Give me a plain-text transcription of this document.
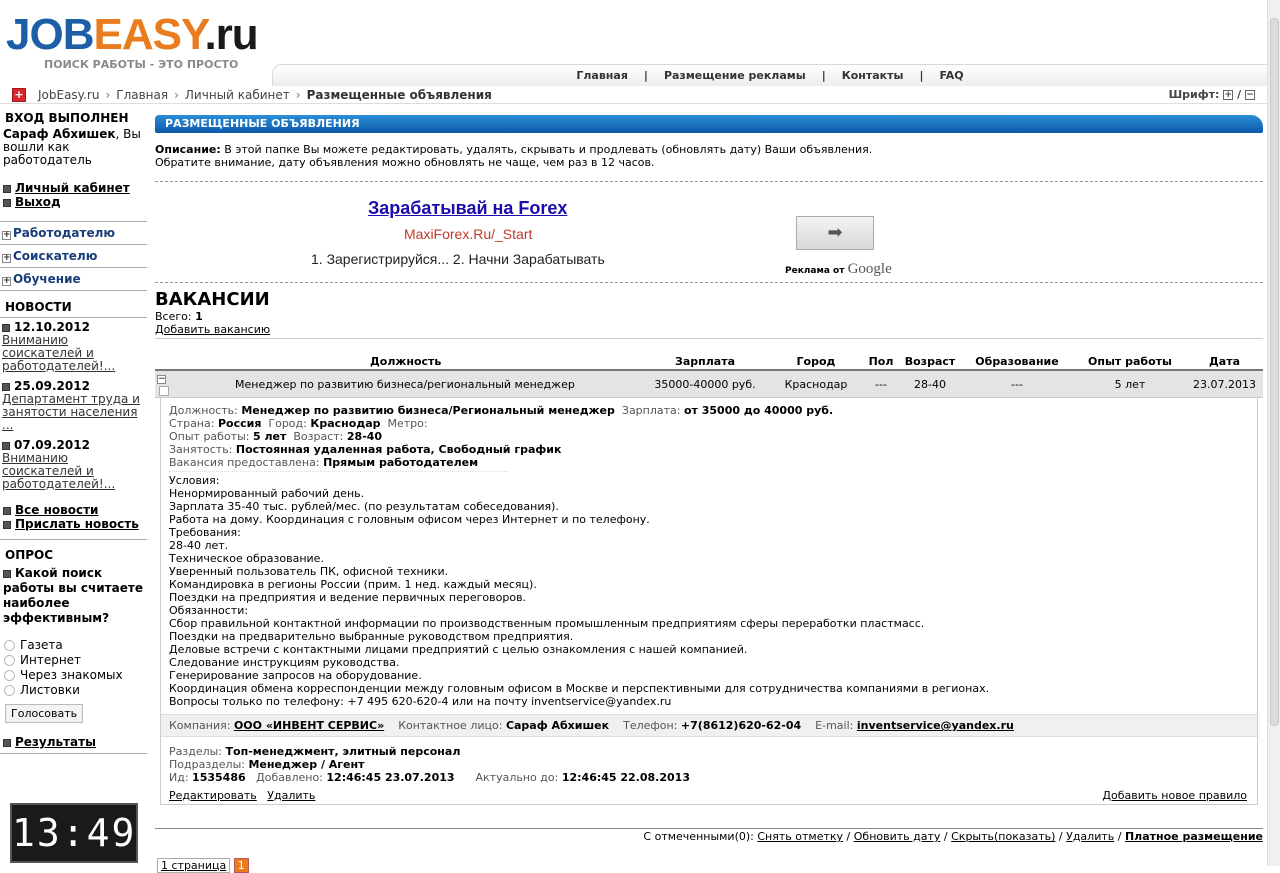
JOBEASY.ru
ПОИСК РАБОТЫ - ЭТО ПРОСТО
Главная | Размещение рекламы | Контакты | FAQ
+ JobEasy.ru › Главная › Личный кабинет › Размещенные объявления	Шрифт: + / −
ВХОД ВЫПОЛНЕН
Сараф Абхишек, Вы вошли как работодатель
Личный кабинет
Выход
+ Работодателю
+ Соискателю
+ Обучение
НОВОСТИ
12.10.2012
Вниманию соискателей и работодателей!...
25.09.2012
Департамент труда и занятости населения ...
07.09.2012
Вниманию соискателей и работодателей!...
Все новости
Прислать новость
ОПРОС
Какой поиск работы вы считаете наиболее эффективным?
Газета
Интернет
Через знакомых
Листовки
Голосовать
Результаты
13:49
РАЗМЕЩЕННЫЕ ОБЪЯВЛЕНИЯ
Описание: В этой папке Вы можете редактировать, удалять, скрывать и продлевать (обновлять дату) Ваши объявления.
Обратите внимание, дату объявления можно обновлять не чаще, чем раз в 12 часов.
Зарабатывай на Forex
MaxiForex.Ru/_Start
1. Зарегистрируйся... 2. Начни Зарабатывать
➡
Реклама от Google
ВАКАНСИИ
Всего: 1
Добавить вакансию
	Должность	Зарплата	Город	Пол	Возраст	Образование	Опыт работы	Дата
−	Менеджер по развитию бизнеса/региональный менеджер	35000-40000 руб.	Краснодар	---	28-40	---	5 лет	23.07.2013
Должность: Менеджер по развитию бизнеса/Региональный менеджер Зарплата: от 35000 до 40000 руб.
Страна: Россия Город: Краснодар Метро:
Опыт работы: 5 лет Возраст: 28-40
Занятость: Постоянная удаленная работа, Свободный график
Вакансия предоставлена: Прямым работодателем
Условия:
Ненормированный рабочий день.
Зарплата 35-40 тыс. рублей/мес. (по результатам собеседования).
Работа на дому. Координация с головным офисом через Интернет и по телефону.
Требования:
28-40 лет.
Техническое образование.
Уверенный пользователь ПК, офисной техники.
Командировка в регионы России (прим. 1 нед. каждый месяц).
Поездки на предприятия и ведение первичных переговоров.
Обязанности:
Сбор правильной контактной информации по производственным промышленным предприятиям сферы переработки пластмасс.
Поездки на предварительно выбранные руководством предприятия.
Деловые встречи с контактными лицами предприятий с целью ознакомления с нашей компанией.
Следование инструкциям руководства.
Генерирование запросов на оборудование.
Координация обмена корреспонденции между головным офисом в Москве и перспективными для сотрудничества компаниями в регионах.
Вопросы только по телефону: +7 495 620-620-4 или на почту inventservice@yandex.ru
Компания: ООО «ИНВЕНТ СЕРВИС» Контактное лицо: Сараф Абхишек Телефон: +7(8612)620-62-04 E-mail: inventservice@yandex.ru
Разделы: Топ-менеджмент, элитный персонал
Подразделы: Менеджер / Агент
Ид: 1535486 Добавлено: 12:46:45 23.07.2013 Актуально до: 12:46:45 22.08.2013
Редактировать Удалить	Добавить новое правило
С отмеченными(0): Снять отметку / Обновить дату / Скрыть(показать) / Удалить / Платное размещение
1 страница 1
